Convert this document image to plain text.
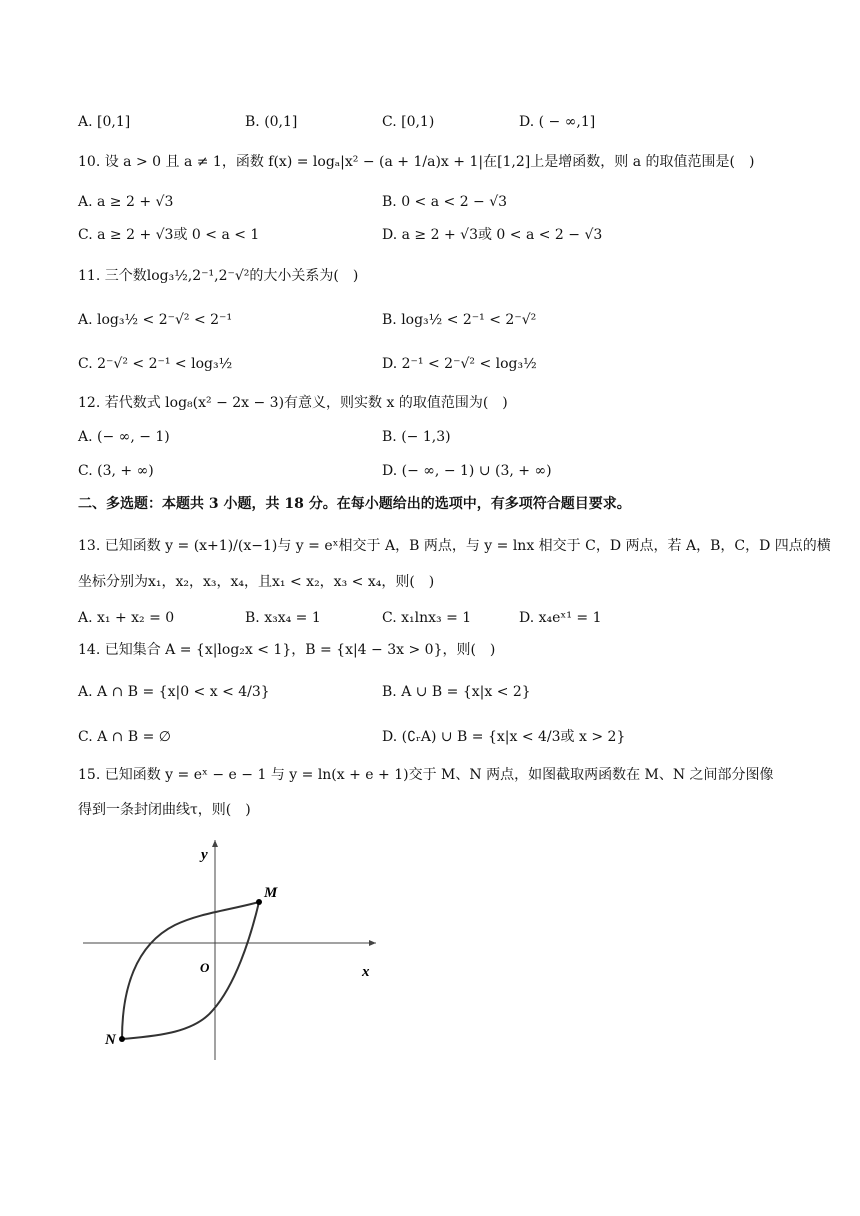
A. [0,1]	B. (0,1]	C. [0,1)	D. ( − ∞,1]
10. 设 a > 0 且 a ≠ 1，函数 f(x) = logₐ|x² − (a + 1/a)x + 1|在[1,2]上是增函数，则 a 的取值范围是(　)
A. a ≥ 2 + √3	B. 0 < a < 2 − √3
C. a ≥ 2 + √3或 0 < a < 1	D. a ≥ 2 + √3或 0 < a < 2 − √3
11. 三个数log₃½,2⁻¹,2⁻√²的大小关系为(　)
A. log₃½ < 2⁻√² < 2⁻¹	B. log₃½ < 2⁻¹ < 2⁻√²
C. 2⁻√² < 2⁻¹ < log₃½	D. 2⁻¹ < 2⁻√² < log₃½
12. 若代数式 log₈(x² − 2x − 3)有意义，则实数 x 的取值范围为(　)
A. (− ∞, − 1)	B. (− 1,3)
C. (3, + ∞)	D. (− ∞, − 1) ∪ (3, + ∞)
二、多选题：本题共 3 小题，共 18 分。在每小题给出的选项中，有多项符合题目要求。
13. 已知函数 y = (x+1)/(x−1)与 y = eˣ相交于 A，B 两点，与 y = lnx 相交于 C，D 两点，若 A，B，C，D 四点的横
坐标分别为x₁，x₂，x₃，x₄，且x₁ < x₂，x₃ < x₄，则(　)
A. x₁ + x₂ = 0	B. x₃x₄ = 1	C. x₁lnx₃ = 1	D. x₄eˣ¹ = 1
14. 已知集合 A = {x|log₂x < 1}，B = {x|4 − 3x > 0}，则(　)
A. A ∩ B = {x|0 < x < 4/3}	B. A ∪ B = {x|x < 2}
C. A ∩ B = ∅	D. (∁ᵣA) ∪ B = {x|x < 4/3或 x > 2}
15. 已知函数 y = eˣ − e − 1 与 y = ln(x + e + 1)交于 M、N 两点，如图截取两函数在 M、N 之间部分图像
得到一条封闭曲线τ，则(　)
y
x
O
M
N
